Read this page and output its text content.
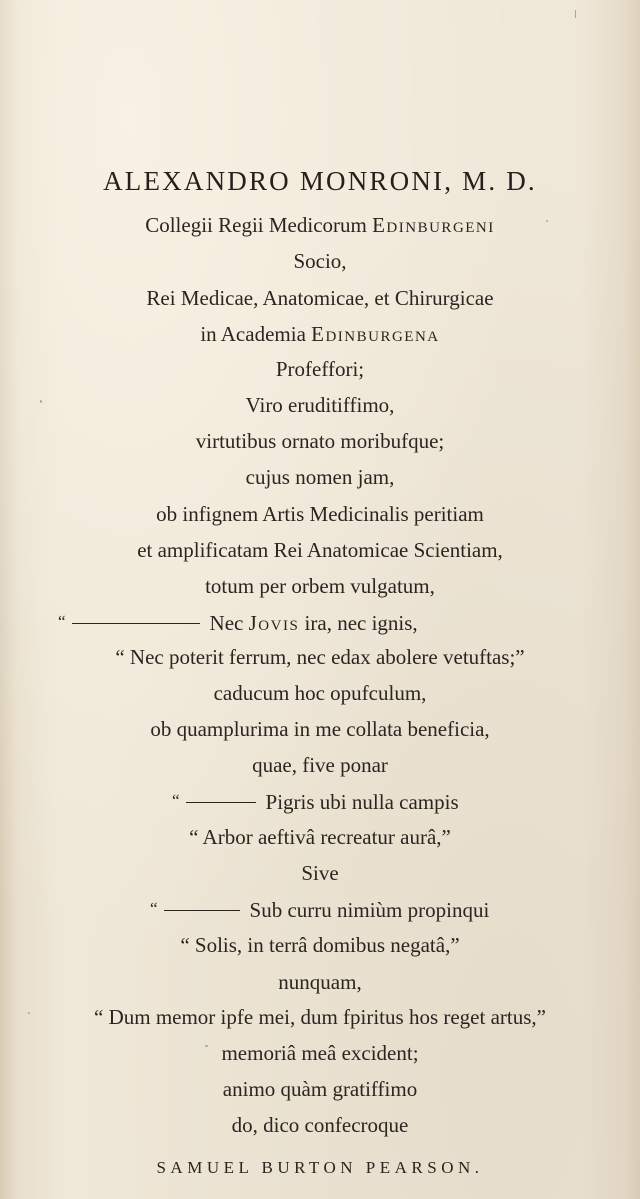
ALEXANDRO MONRONI, M. D.
Collegii Regii Medicorum Edinburgeni
Socio,
Rei Medicae, Anatomicae, et Chirurgicae
in Academia Edinburgena
Profeffori;
Viro eruditiffimo,
virtutibus ornato moribufque;
cujus nomen jam,
ob infignem Artis Medicinalis peritiam
et amplificatam Rei Anatomicae Scientiam,
totum per orbem vulgatum,
“	Nec Jovis ira, nec ignis,
“ Nec poterit ferrum, nec edax abolere vetuftas;”
caducum hoc opufculum,
ob quamplurima in me collata beneficia,
quae, five ponar
“	Pigris ubi nulla campis
“ Arbor aeftivâ recreatur aurâ,”
Sive
“	Sub curru nimiùm propinqui
“ Solis, in terrâ domibus negatâ,”
nunquam,
“ Dum memor ipfe mei, dum fpiritus hos reget artus,”
memoriâ meâ excident;
animo quàm gratiffimo
do, dico confecroque
SAMUEL BURTON PEARSON.
